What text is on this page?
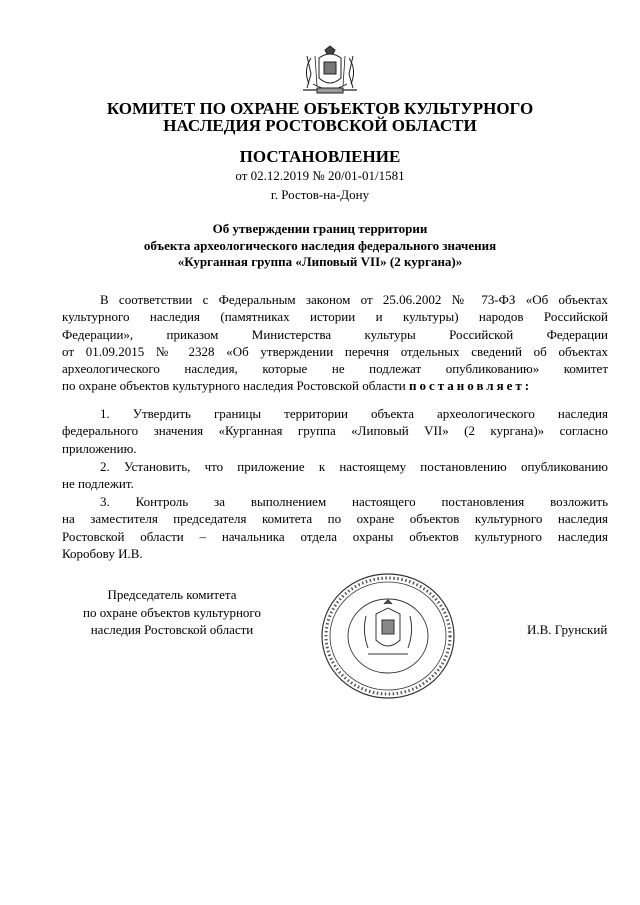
КОМИТЕТ ПО ОХРАНЕ ОБЪЕКТОВ КУЛЬТУРНОГО
НАСЛЕДИЯ РОСТОВСКОЙ ОБЛАСТИ
ПОСТАНОВЛЕНИЕ
от 02.12.2019 № 20/01-01/1581
г. Ростов-на-Дону
Об утверждении границ территории
объекта археологического наследия федерального значения
«Курганная группа «Липовый VII» (2 кургана)»
В соответствии с Федеральным законом от 25.06.2002 № 73-ФЗ «Об объектах
культурного наследия (памятниках истории и культуры) народов Российской
Федерации», приказом Министерства культуры Российской Федерации
от 01.09.2015 № 2328 «Об утверждении перечня отдельных сведений об объектах
археологического наследия, которые не подлежат опубликованию» комитет
по охране объектов культурного наследия Ростовской области постановляет:
1. Утвердить границы территории объекта археологического наследия
федерального значения «Курганная группа «Липовый VII» (2 кургана)» согласно
приложению.
2. Установить, что приложение к настоящему постановлению опубликованию
не подлежит.
3. Контроль за выполнением настоящего постановления возложить
на заместителя председателя комитета по охране объектов культурного наследия
Ростовской области – начальника отдела охраны объектов культурного наследия
Коробову И.В.
Председатель комитета
по охране объектов культурного
наследия Ростовской области	И.В. Грунский
